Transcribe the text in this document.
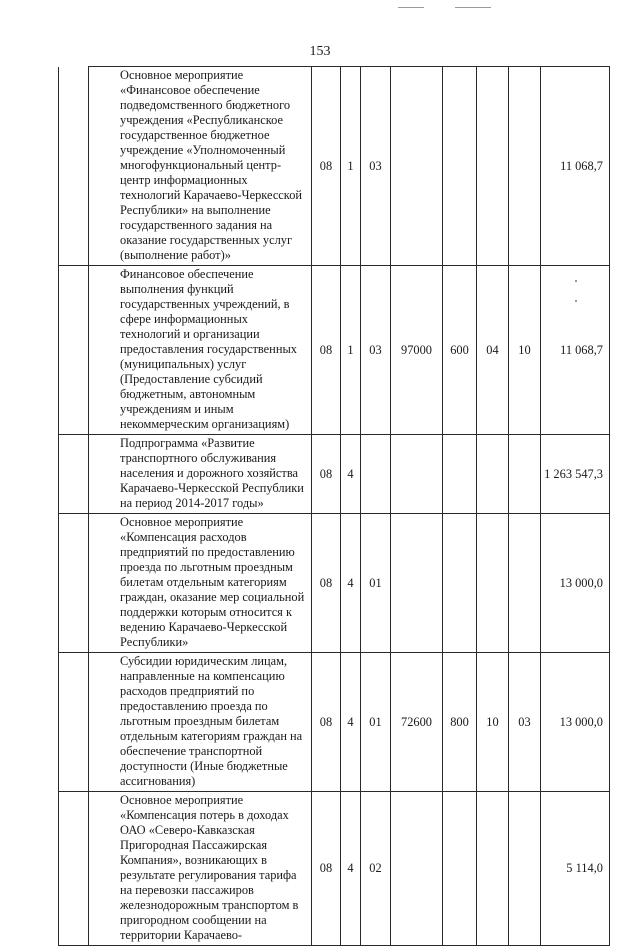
153
	Основное мероприятие «Финансовое обеспечение подведомственного бюджетного учреждения «Республиканское государственное бюджетное учреждение «Уполномоченный многофункциональный центр-центр информационных технологий Карачаево-Черкесской Республики» на выполнение государственного задания на оказание государственных услуг (выполнение работ)»	08	1	03					11 068,7
	Финансовое обеспечение выполнения функций государственных учреждений, в сфере информационных технологий и организации предоставления государственных (муниципальных) услуг (Предоставление субсидий бюджетным, автономным учреждениям и иным некоммерческим организациям)	08	1	03	97000	600	04	10	11 068,7
	Подпрограмма «Развитие транспортного обслуживания населения и дорожного хозяйства Карачаево-Черкесской Республики на период 2014-2017 годы»	08	4						1 263 547,3
	Основное мероприятие «Компенсация расходов предприятий по предоставлению проезда по льготным проездным билетам отдельным категориям граждан, оказание мер социальной поддержки которым относится к ведению Карачаево-Черкесской Республики»	08	4	01					13 000,0
	Субсидии юридическим лицам, направленные на компенсацию расходов предприятий по предоставлению проезда по льготным проездным билетам отдельным категориям граждан на обеспечение транспортной доступности (Иные бюджетные ассигнования)	08	4	01	72600	800	10	03	13 000,0
	Основное мероприятие «Компенсация потерь в доходах ОАО «Северо-Кавказская Пригородная Пассажирская Компания», возникающих в результате регулирования тарифа на перевозки пассажиров железнодорожным транспортом в пригородном сообщении на территории Карачаево-	08	4	02					5 114,0
